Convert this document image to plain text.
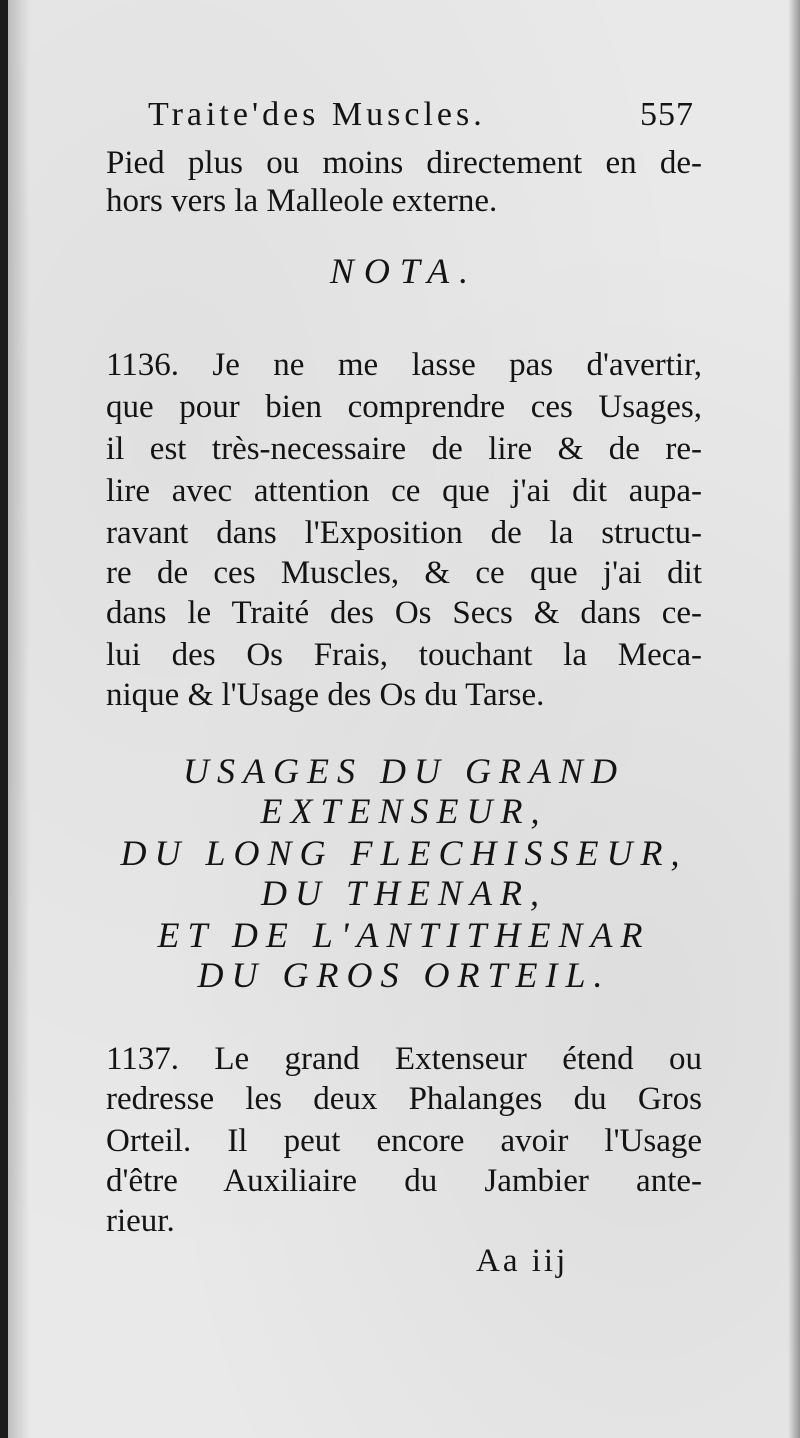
Traite'des Muscles.	557
Pied plus ou moins directement en de-
hors vers la Malleole externe.
NOTA.
1136. Je ne me lasse pas d'avertir,
que pour bien comprendre ces Usages,
il est très-necessaire de lire & de re-
lire avec attention ce que j'ai dit aupa-
ravant dans l'Exposition de la structu-
re de ces Muscles, & ce que j'ai dit
dans le Traité des Os Secs & dans ce-
lui des Os Frais, touchant la Meca-
nique & l'Usage des Os du Tarse.
USAGES DU GRAND
EXTENSEUR,
DU LONG FLECHISSEUR,
DU THENAR,
ET DE L'ANTITHENAR
DU GROS ORTEIL.
1137. Le grand Extenseur étend ou
redresse les deux Phalanges du Gros
Orteil. Il peut encore avoir l'Usage
d'être Auxiliaire du Jambier ante-
rieur.
Aa iij
